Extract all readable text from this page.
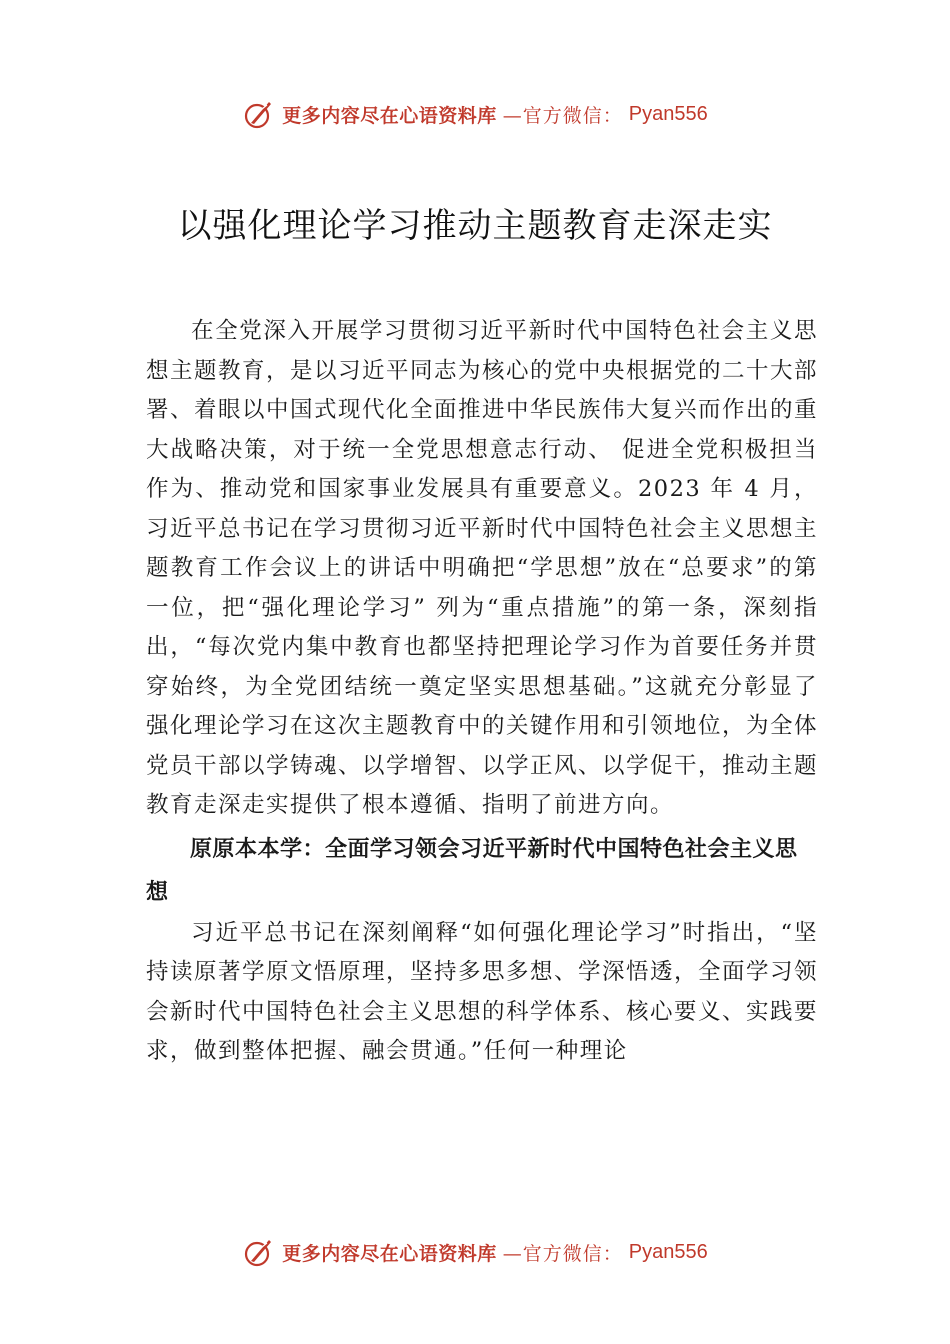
更多内容尽在心语资料库 —官方微信： Pyan556
以强化理论学习推动主题教育走深走实

在全党深入开展学习贯彻习近平新时代中国特色社会主义思想主题教育，是以习近平同志为核心的党中央根据党的二十大部署、着眼以中国式现代化全面推进中华民族伟大复兴而作出的重大战略决策，对于统一全党思想意志行动、 促进全党积极担当作为、推动党和国家事业发展具有重要意义。2023 年 4 月，习近平总书记在学习贯彻习近平新时代中国特色社会主义思想主题教育工作会议上的讲话中明确把“学思想”放在“总要求”的第一位，把“强化理论学习” 列为“重点措施”的第一条，深刻指出，“每次党内集中教育也都坚持把理论学习作为首要任务并贯穿始终，为全党团结统一奠定坚实思想基础。”这就充分彰显了强化理论学习在这次主题教育中的关键作用和引领地位，为全体党员干部以学铸魂、以学增智、以学正风、以学促干，推动主题教育走深走实提供了根本遵循、指明了前进方向。

原原本本学：全面学习领会习近平新时代中国特色社会主义思想

习近平总书记在深刻阐释“如何强化理论学习”时指出，“坚持读原著学原文悟原理，坚持多思多想、学深悟透，全面学习领会新时代中国特色社会主义思想的科学体系、核心要义、实践要求，做到整体把握、融会贯通。”任何一种理论

更多内容尽在心语资料库 —官方微信： Pyan556
